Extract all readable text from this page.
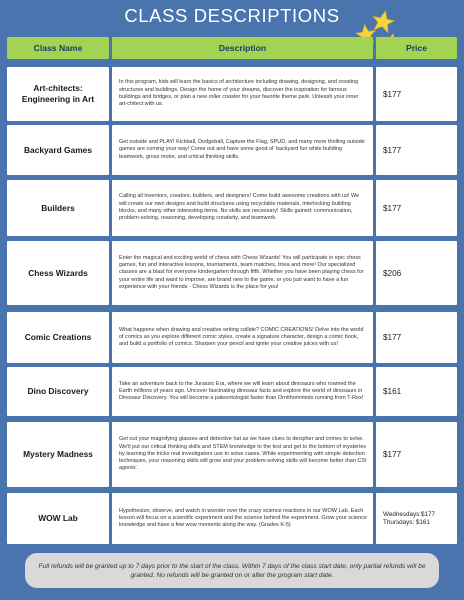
CLASS DESCRIPTIONS
Class Name	Description	Price
Art-chitects: Engineering in Art
In this program, kids will learn the basics of architecture including drawing, designing, and creating structures and buildings. Design the home of your dreams, discover the inspiration for famous buildings and bridges, or plan a new roller coaster for your favorite theme park. Unleash your inner art-chitect with us.
$177
Backyard Games
Get outside and PLAY! Kickball, Dodgeball, Capture the Flag, SPUD, and many more thrilling outside games are coming your way! Come out and have some good ol' backyard fun while building teamwork, gross motor, and critical thinking skills.
$177
Builders
Calling all inventors, creators, builders, and designers! Come build awesome creations with us! We will create our own designs and build structures using recyclable materials, interlocking building blocks, and many other interesting items. No skills are necessary! Skills gained: communication, problem-solving, reasoning, developing creativity, and teamwork.
$177
Chess Wizards
Enter the magical and exciting world of chess with Chess Wizards! You will participate in epic chess games, fun and interactive lessons, tournaments, team matches, trivia and more! Our specialized classes are a blast for everyone kindergarten through fifth. Whether you have been playing chess for your entire life and want to improve, are brand new to the game, or you just want to have a fun experience with your friends - Chess Wizards is the place for you!
$206
Comic Creations
What happens when drawing and creative writing collide? COMIC CREATIONS! Delve into the world of comics as you explore different comic styles, create a signature character, design a comic book, and build a portfolio of comics. Sharpen your pencil and ignite your creative juices with us!
$177
Dino Discovery
Take an adventure back to the Jurassic Era, where we will learn about dinosaurs who roamed the Earth millions of years ago. Uncover fascinating dinosaur facts and explore the world of dinosaurs in Dinosaur Discovery. You will become a paleontologist faster than Ornithomimids running from T-Rex!
$161
Mystery Madness
Get out your magnifying glasses and detective hat as we have clues to decipher and crimes to solve. We'll put our critical thinking skills and STEM knowledge to the test and get to the bottom of mysteries by learning the tricks real investigators use to solve cases. While experimenting with simple detection techniques, your reasoning skills will grow and your problem-solving skills will become better than CSI agents'.
$177
WOW Lab
Hypothesize, observe, and watch in wonder over the crazy science reactions in our WOW Lab. Each lesson will focus on a scientific experiment and the science behind the experiment. Grow your science knowledge and have a few wow moments along the way. (Grades K-5)
Wednesdays:$177
Thursdays: $161
Full refunds will be granted up to 7 days prior to the start of the class. Within 7 days of the class start date, only partial refunds will be granted. No refunds will be granted on or after the program start date.
